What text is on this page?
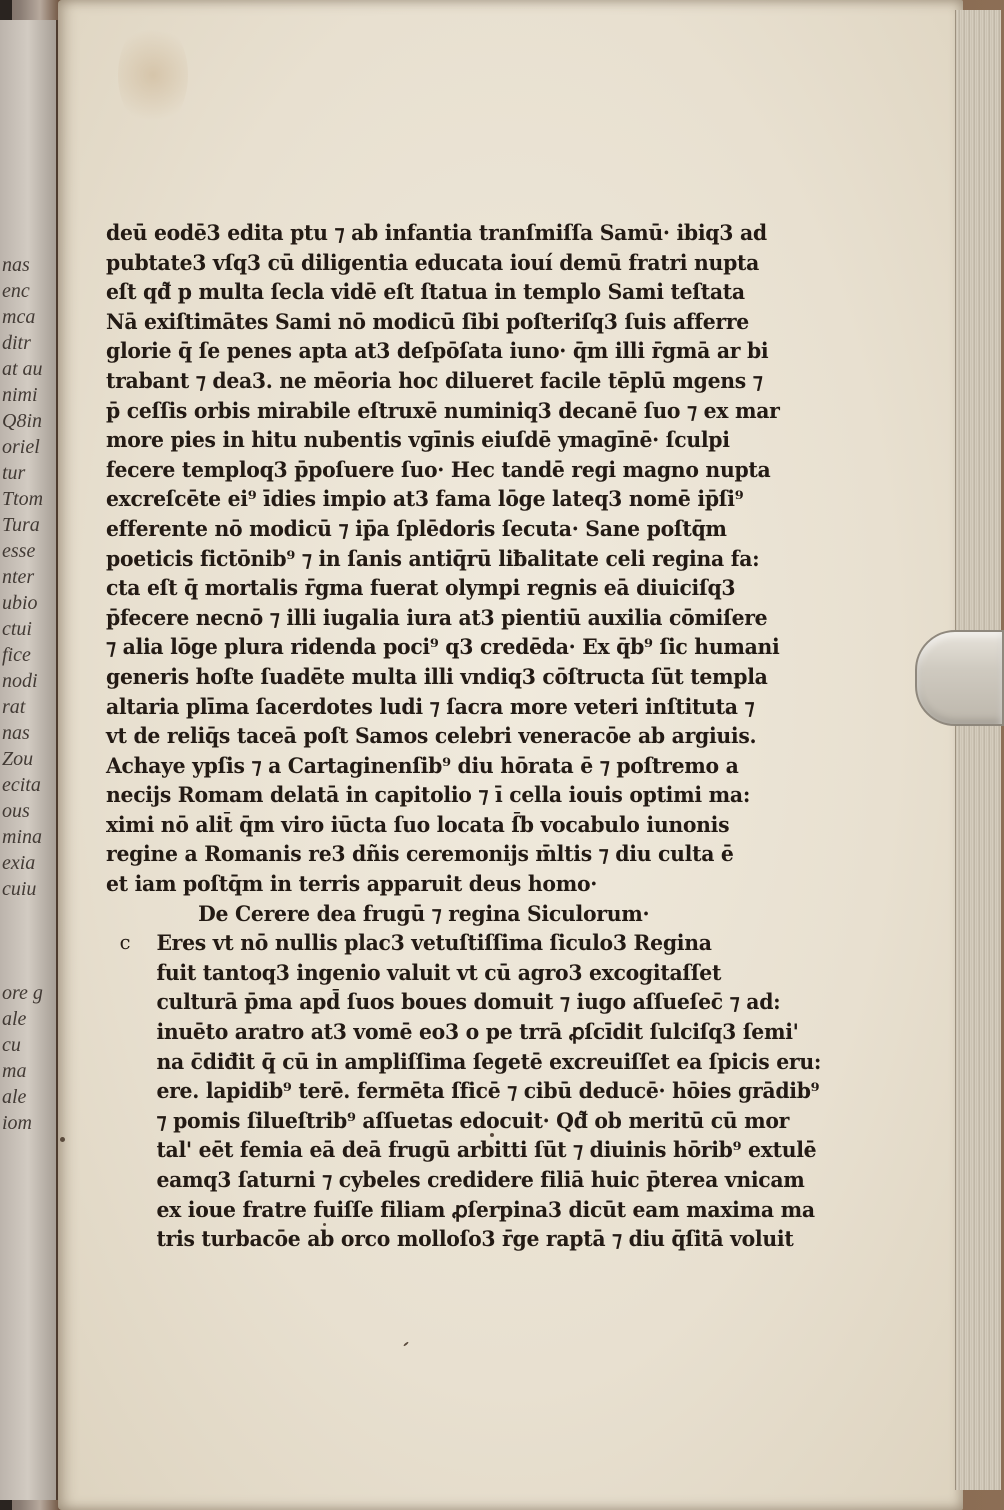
nas
enc
mca
ditr
at au
nimi
Q8in
oriel
tur
Ttom
Tura
esse
nter
ubio
ctui
fice
nodi
rat
nas
Zou
ecita
ous
mina
exia
cuiu
ore g
ale
cu
ma
ale
iom
deū eodē3 edita ptu ⁊ ab infantia tranſmiſſa Samū· ibiq3 ad
pubtate3 vſq3 cū diligentia educata iouí demū fratri nupta
eſt qđ̃ p multa ſecla vidē eſt ſtatua in templo Sami teſtata
Nā exiſtimātes Sami nō modicū ſibi poſteriſq3 ſuis afferre
glorie q̄ ſe penes apta at3 deſpōſata iuno· q̄m illi r̄gmā ar bi
trabant ⁊ dea3. ne mēoria hoc dilueret facile tēplū mgens ⁊
p̄ ceſſis orbis mirabile eſtruxē numiniq3 decanē ſuo ⁊ ex mar
more pies in hitu nubentis vgīnis eiuſdē ymagīnē· ſculpi
fecere temploq3 p̄poſuere ſuo· Hec tandē regi magno nupta
excreſcēte ei⁹ īdies impio at3 fama lōge lateq3 nomē ip̄ſi⁹
efferente nō modicū ⁊ ip̄a ſplēdoris ſecuta· Sane poſtq̄m
poeticis fictōnib⁹ ⁊ in ſanis antiq̄rū liƀalitate celi regina fa:
cta eſt q̄ mortalis r̄gma fuerat olympi regnis eā diuiciſq3
p̄fecere necnō ⁊ illi iugalia iura at3 pientiū auxilia cōmiſere
⁊ alia lōge plura ridenda poci⁹ q3 credēda· Ex q̄b⁹ ſic humani
generis hoſte ſuadēte multa illi vndiq3 cōſtructa ſūt templa
altaria plīma ſacerdotes ludi ⁊ ſacra more veteri inſtituta ⁊
vt de reliq̄s taceā poſt Samos celebri veneracōe ab argiuis.
Achaye ypſis ⁊ a Cartaginenſib⁹ diu hōrata ē ⁊ poſtremo a
necijs Romam delatā in capitolio ⁊ ī cella iouis optimi ma:
ximi nō alit̄ q̄m viro iūcta ſuo locata ſ̄b vocabulo iunonis
regine a Romanis re3 dñis ceremonijs m̄ltis ⁊ diu culta ē
et iam poſtq̄m in terris apparuit deus homo·
De Cerere dea frugū ⁊ regina Siculorum·
c Eres vt nō nullis plac3 vetuſtiſſima ſiculo3 Regina
fuit tantoq3 ingenio valuit vt cū agro3 excogitaſſet
culturā p̄ma apd̄ ſuos boues domuit ⁊ iugo aſſueſec̄ ⁊ ad:
inuēto aratro at3 vomē eo3 o pe trrā ꝓſcīdit ſulciſq3 ſemi'
na c̄diđit q̄ cū in ampliſſima ſegetē excreuiſſet ea ſpicis eru:
ere. lapidib⁹ terē. fermēta ſficē ⁊ cibū deducē· hōies grādib⁹
⁊ pomis ſilueſtrib⁹ aſſuetas edocuit· Qđ̃ ob meritū cū mor
tal' eēt femia eā deā frugū arbitti ſūt ⁊ diuinis hōrib⁹ extulē
eamq3 ſaturni ⁊ cybeles credidere filiā huic p̄terea vnicam
ex ioue fratre fuiſſe filiam ꝓſerpina3 dicūt eam maxima ma
tris turbacōe ab orco molloſo3 r̄ge raptā ⁊ diu q̄ſitā voluit
